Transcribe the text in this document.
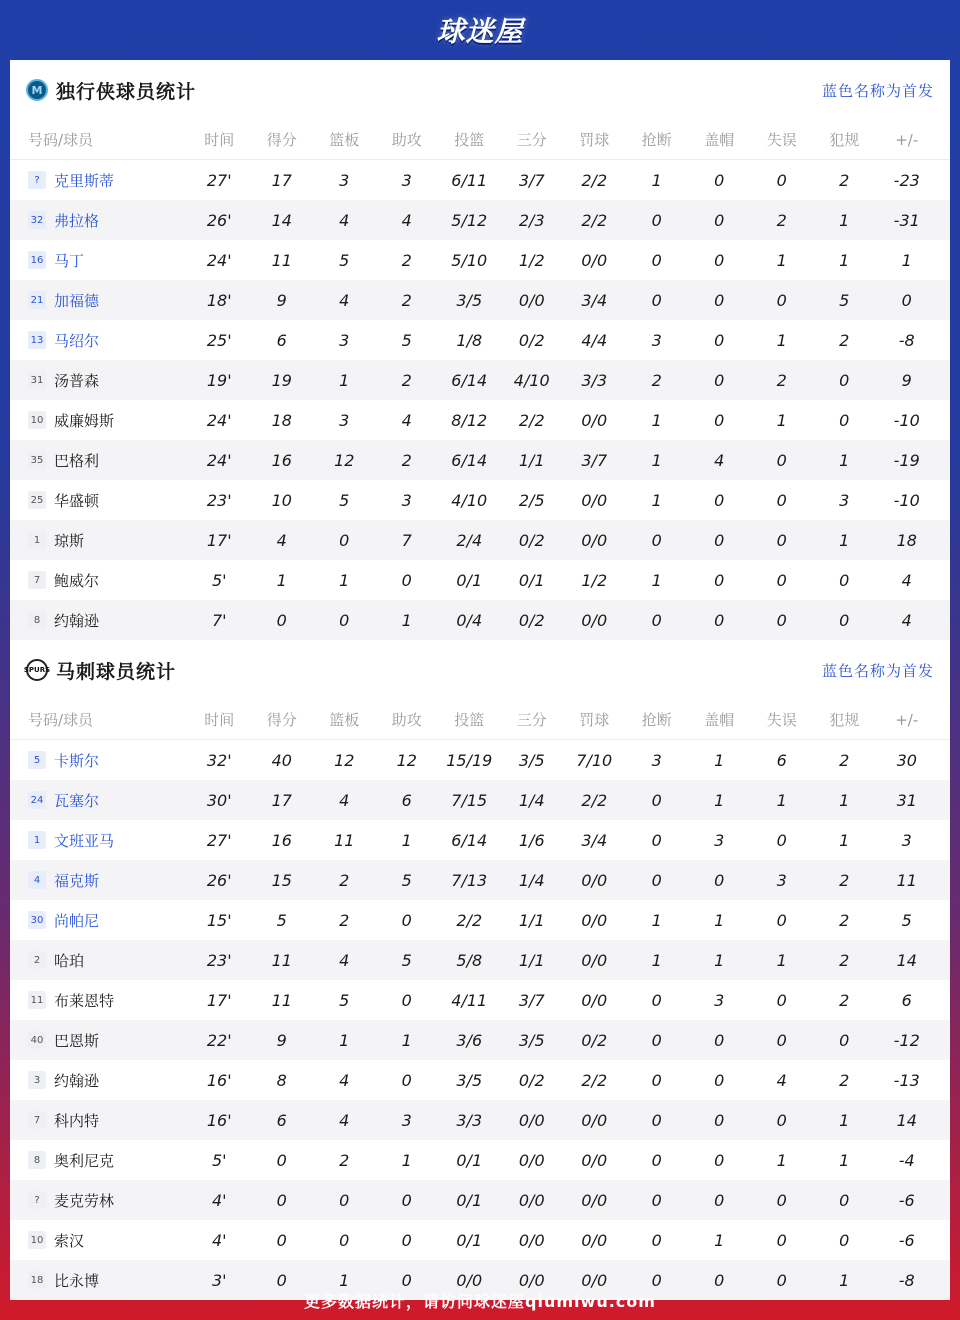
球迷屋
M 独行侠球员统计	蓝色名称为首发
号码/球员	时间	得分	篮板	助攻	投篮	三分	罚球	抢断	盖帽	失误	犯规	+/-
? 克里斯蒂	27'	17	3	3	6/11	3/7	2/2	1	0	0	2	-23
32 弗拉格	26'	14	4	4	5/12	2/3	2/2	0	0	2	1	-31
16 马丁	24'	11	5	2	5/10	1/2	0/0	0	0	1	1	1
21 加福德	18'	9	4	2	3/5	0/0	3/4	0	0	0	5	0
13 马绍尔	25'	6	3	5	1/8	0/2	4/4	3	0	1	2	-8
31 汤普森	19'	19	1	2	6/14	4/10	3/3	2	0	2	0	9
10 威廉姆斯	24'	18	3	4	8/12	2/2	0/0	1	0	1	0	-10
35 巴格利	24'	16	12	2	6/14	1/1	3/7	1	4	0	1	-19
25 华盛顿	23'	10	5	3	4/10	2/5	0/0	1	0	0	3	-10
1 琼斯	17'	4	0	7	2/4	0/2	0/0	0	0	0	1	18
7 鲍威尔	5'	1	1	0	0/1	0/1	1/2	1	0	0	0	4
8 约翰逊	7'	0	0	1	0/4	0/2	0/0	0	0	0	0	4
SPURS 马刺球员统计	蓝色名称为首发
号码/球员	时间	得分	篮板	助攻	投篮	三分	罚球	抢断	盖帽	失误	犯规	+/-
5 卡斯尔	32'	40	12	12	15/19	3/5	7/10	3	1	6	2	30
24 瓦塞尔	30'	17	4	6	7/15	1/4	2/2	0	1	1	1	31
1 文班亚马	27'	16	11	1	6/14	1/6	3/4	0	3	0	1	3
4 福克斯	26'	15	2	5	7/13	1/4	0/0	0	0	3	2	11
30 尚帕尼	15'	5	2	0	2/2	1/1	0/0	1	1	0	2	5
2 哈珀	23'	11	4	5	5/8	1/1	0/0	1	1	1	2	14
11 布莱恩特	17'	11	5	0	4/11	3/7	0/0	0	3	0	2	6
40 巴恩斯	22'	9	1	1	3/6	3/5	0/2	0	0	0	0	-12
3 约翰逊	16'	8	4	0	3/5	0/2	2/2	0	0	4	2	-13
7 科内特	16'	6	4	3	3/3	0/0	0/0	0	0	0	1	14
8 奥利尼克	5'	0	2	1	0/1	0/0	0/0	0	0	1	1	-4
? 麦克劳林	4'	0	0	0	0/1	0/0	0/0	0	0	0	0	-6
10 索汉	4'	0	0	0	0/1	0/0	0/0	0	1	0	0	-6
18 比永博	3'	0	1	0	0/0	0/0	0/0	0	0	0	1	-8
更多数据统计，请访问球迷屋qiumiwu.com
